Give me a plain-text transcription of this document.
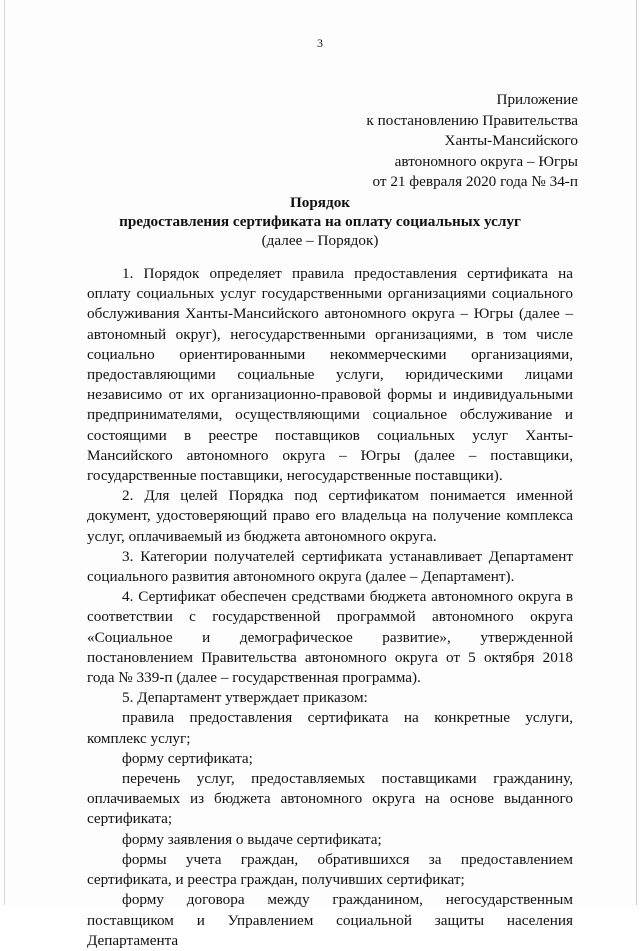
3
Приложение
к постановлению Правительства
Ханты-Мансийского
автономного округа – Югры
от 21 февраля 2020 года № 34-п
Порядок
предоставления сертификата на оплату социальных услуг
(далее – Порядок)

1. Порядок определяет правила предоставления сертификата на оплату социальных услуг государственными организациями социального обслуживания Ханты-Мансийского автономного округа – Югры (далее – автономный округ), негосударственными организациями, в том числе социально ориентированными некоммерческими организациями, предоставляющими социальные услуги, юридическими лицами независимо от их организационно-правовой формы и индивидуальными предпринимателями, осуществляющими социальное обслуживание и состоящими в реестре поставщиков социальных услуг Ханты-Мансийского автономного округа – Югры (далее – поставщики, государственные поставщики, негосударственные поставщики).

2. Для целей Порядка под сертификатом понимается именной документ, удостоверяющий право его владельца на получение комплекса услуг, оплачиваемый из бюджета автономного округа.

3. Категории получателей сертификата устанавливает Департамент социального развития автономного округа (далее – Департамент).

4. Сертификат обеспечен средствами бюджета автономного округа в соответствии с государственной программой автономного округа «Социальное и демографическое развитие», утвержденной постановлением Правительства автономного округа от 5 октября 2018 года № 339-п (далее – государственная программа).

5. Департамент утверждает приказом:

правила предоставления сертификата на конкретные услуги, комплекс услуг;

форму сертификата;

перечень услуг, предоставляемых поставщиками гражданину, оплачиваемых из бюджета автономного округа на основе выданного сертификата;

форму заявления о выдаче сертификата;

формы учета граждан, обратившихся за предоставлением сертификата, и реестра граждан, получивших сертификат;

форму договора между гражданином, негосударственным поставщиком и Управлением социальной защиты населения Департамента
